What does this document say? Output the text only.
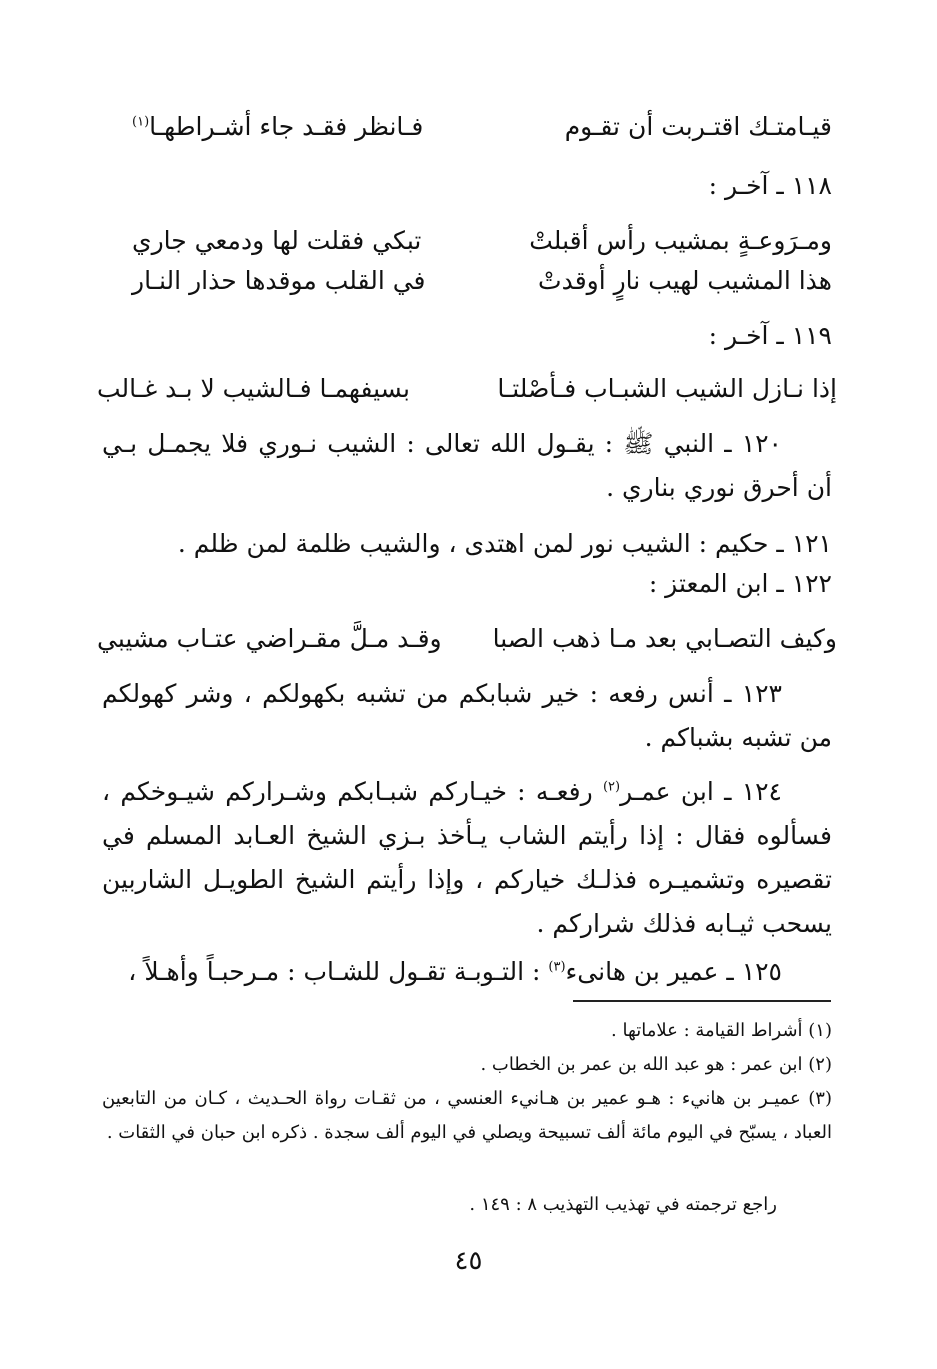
قيـامتـك اقتـربت أن تقـوم
فـانظر فقـد جاء أشـراطهـا$^{(١)}$
١١٨ ـ آخـر :
ومـرَوعـةٍ بمشيب رأس أقبلتْ
تبكي فقلت لها ودمعي جاري
هذا المشيب لهيب نارٍ أوقدتْ
في القلب موقدها حذار النـار
١١٩ ـ آخـر :
إذا نـازل الشيب الشبـاب فـأصْلتـا
بسيفهمـا فـالشيب لا بـد غـالب
١٢٠ ـ النبي ﷺ : يقـول الله تعالى : الشيب نـوري فلا يجمـل بـي أن أحرق نوري بناري .
١٢١ ـ حكيم : الشيب نور لمن اهتدى ، والشيب ظلمة لمن ظلم .
١٢٢ ـ ابن المعتز :
وكيف التصـابي بعد مـا ذهب الصبا
وقـد مـلَّ مقـراضي عتـاب مشيبي
١٢٣ ـ أنس رفعه : خير شبابكم من تشبه بكهولكم ، وشر كهولكم من تشبه بشباكم .
١٢٤ ـ ابن عمـر$^{(٢)}$ رفعـه : خيـاركم شبـابكم وشـراركم شيـوخكم ، فسألوه فقال : إذا رأيتم الشاب يـأخذ بـزي الشيخ العـابد المسلم في تقصيره وتشميـره فذلـك خياركم ، وإذا رأيتم الشيخ الطويـل الشاربين يسحب ثيـابه فذلك شراركم .
١٢٥ ـ عمير بن هانىء$^{(٣)}$ : التـوبـة تقـول للشـاب : مـرحبـاً وأهـلاً ،
(١) أشراط القيامة : علاماتها .
(٢) ابن عمر : هو عبد الله بن عمر بن الخطاب .
(٣) عميـر بن هانيء : هـو عمير بن هـانيء العنسي ، من ثقـات رواة الحـديث ، كـان من التابعين العباد ، يسبّح في اليوم مائة ألف تسبيحة ويصلي في اليوم ألف سجدة . ذكره ابن حبان في الثقات .
راجع ترجمته في تهذيب التهذيب ٨ : ١٤٩ .
٤٥
